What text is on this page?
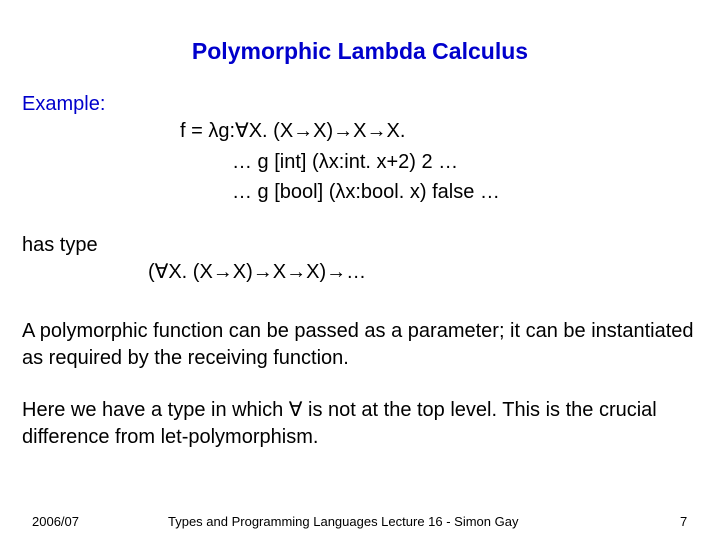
Polymorphic Lambda Calculus
Example:
f = λg:∀X. (X→X)→X→X.
… g [int] (λx:int. x+2) 2 …
… g [bool] (λx:bool. x) false …
has type
(∀X. (X→X)→X→X)→…
A polymorphic function can be passed as a parameter; it can be instantiated as required by the receiving function.
Here we have a type in which ∀ is not at the top level. This is the crucial difference from let-polymorphism.
2006/07	Types and Programming Languages Lecture 16 - Simon Gay	7
